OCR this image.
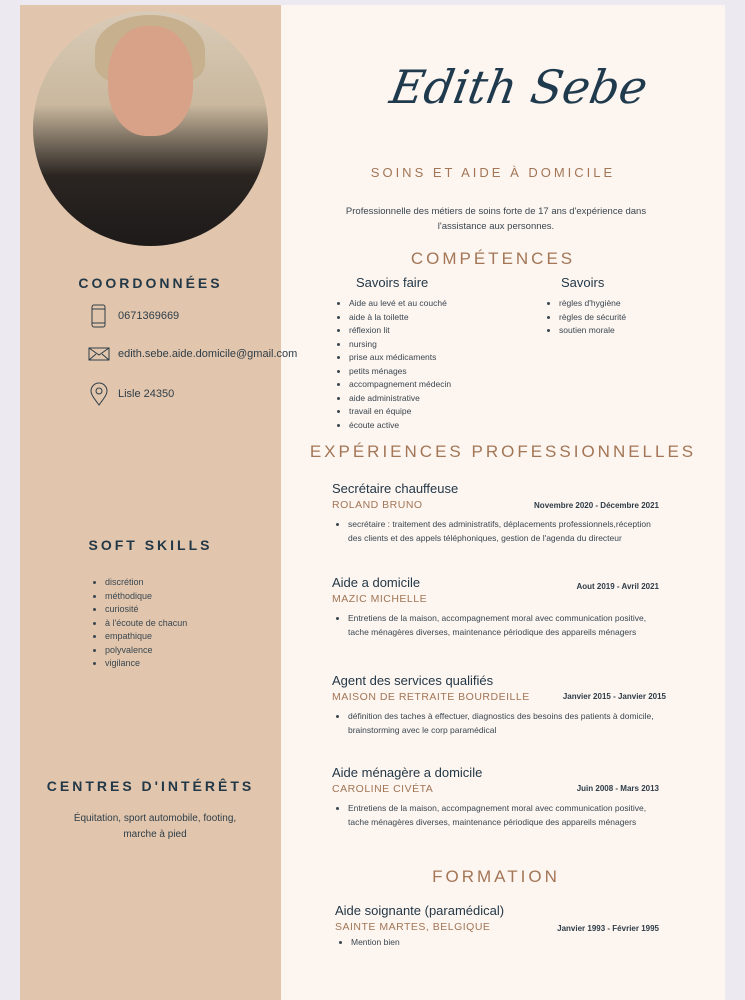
COORDONNÉES
0671369669
edith.sebe.aide.domicile@gmail.com
Lisle 24350
SOFT SKILLS
• discrétion
• méthodique
• curiosité
• à l'écoute de chacun
• empathique
• polyvalence
• vigilance
CENTRES D'INTÉRÊTS
Équitation, sport automobile, footing, marche à pied
Edith Sebe
SOINS ET AIDE À DOMICILE
Professionnelle des métiers de soins forte de 17 ans d'expérience dans l'assistance aux personnes.
COMPÉTENCES
Savoirs faire
• Aide au levé et au couché
• aide à la toilette
• réflexion lit
• nursing
• prise aux médicaments
• petits ménages
• accompagnement médecin
• aide administrative
• travail en équipe
• écoute active
Savoirs
• règles d'hygiène
• règles de sécurité
• soutien morale
EXPÉRIENCES PROFESSIONNELLES
Secrétaire chauffeuse
ROLAND BRUNO	Novembre 2020 - Décembre 2021
• secrétaire : traitement des administratifs, déplacements professionnels,réception des clients et des appels téléphoniques, gestion de l'agenda du directeur
Aide a domicile
MAZIC MICHELLE
Aout 2019 - Avril 2021
• Entretiens de la maison, accompagnement moral avec communication positive, tache ménagères diverses, maintenance périodique des appareils ménagers
Agent des services qualifiés
MAISON DE RETRAITE BOURDEILLE	Janvier 2015 - Janvier 2015
• définition des taches à effectuer, diagnostics des besoins des patients à domicile, brainstorming avec le corp paramédical
Aide ménagère a domicile
CAROLINE CIVÉTA	Juin 2008 - Mars 2013
• Entretiens de la maison, accompagnement moral avec communication positive, tache ménagères diverses, maintenance périodique des appareils ménagers
FORMATION
Aide soignante (paramédical)
SAINTE MARTES, BELGIQUE	Janvier 1993 - Février 1995
• Mention bien
